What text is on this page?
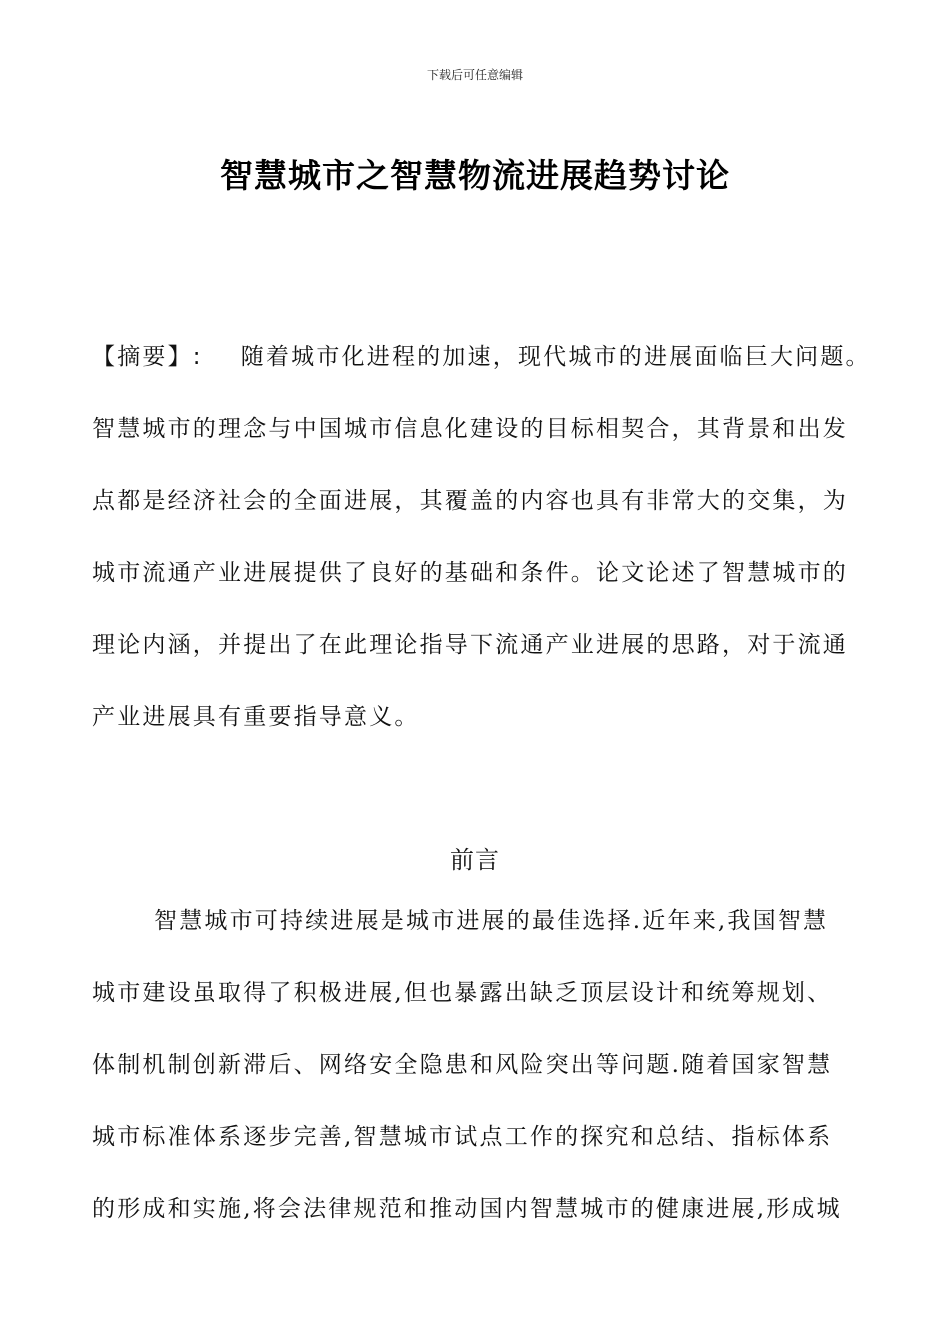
下载后可任意编辑
智慧城市之智慧物流进展趋势讨论
【摘要】: 随着城市化进程的加速，现代城市的进展面临巨大问题。
智慧城市的理念与中国城市信息化建设的目标相契合，其背景和出发
点都是经济社会的全面进展，其覆盖的内容也具有非常大的交集，为
城市流通产业进展提供了良好的基础和条件。论文论述了智慧城市的
理论内涵，并提出了在此理论指导下流通产业进展的思路，对于流通
产业进展具有重要指导意义。
前言
智慧城市可持续进展是城市进展的最佳选择.近年来,我国智慧
城市建设虽取得了积极进展,但也暴露出缺乏顶层设计和统筹规划、
体制机制创新滞后、网络安全隐患和风险突出等问题.随着国家智慧
城市标准体系逐步完善,智慧城市试点工作的探究和总结、指标体系
的形成和实施,将会法律规范和推动国内智慧城市的健康进展,形成城
